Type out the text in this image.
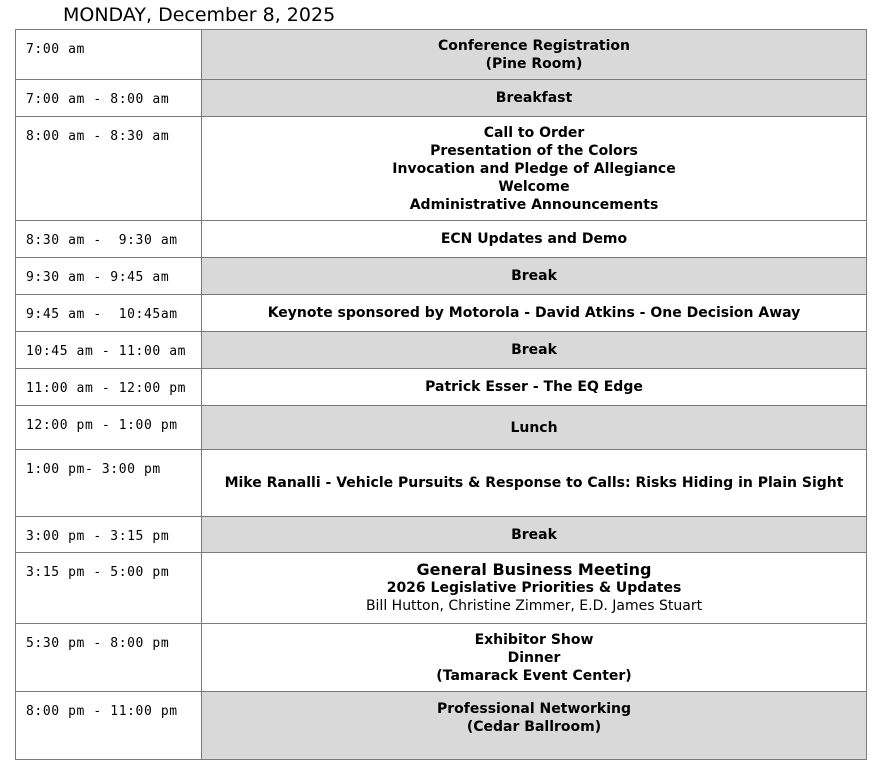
MONDAY, December 8, 2025
7:00 am	Conference Registration
(Pine Room)

7:00 am - 8:00 am	Breakfast

8:00 am - 8:30 am	Call to Order
Presentation of the Colors
Invocation and Pledge of Allegiance
Welcome
Administrative Announcements

8:30 am -  9:30 am	ECN Updates and Demo

9:30 am - 9:45 am	Break

9:45 am -  10:45am	Keynote sponsored by Motorola - David Atkins - One Decision Away

10:45 am - 11:00 am	Break

11:00 am - 12:00 pm	Patrick Esser - The EQ Edge

12:00 pm - 1:00 pm	Lunch

1:00 pm- 3:00 pm	Mike Ranalli - Vehicle Pursuits & Response to Calls: Risks Hiding in Plain Sight

3:00 pm - 3:15 pm	Break

3:15 pm - 5:00 pm	General Business Meeting
2026 Legislative Priorities & Updates
Bill Hutton, Christine Zimmer, E.D. James Stuart

5:30 pm - 8:00 pm	Exhibitor Show
Dinner
(Tamarack Event Center)

8:00 pm - 11:00 pm	Professional Networking
(Cedar Ballroom)
